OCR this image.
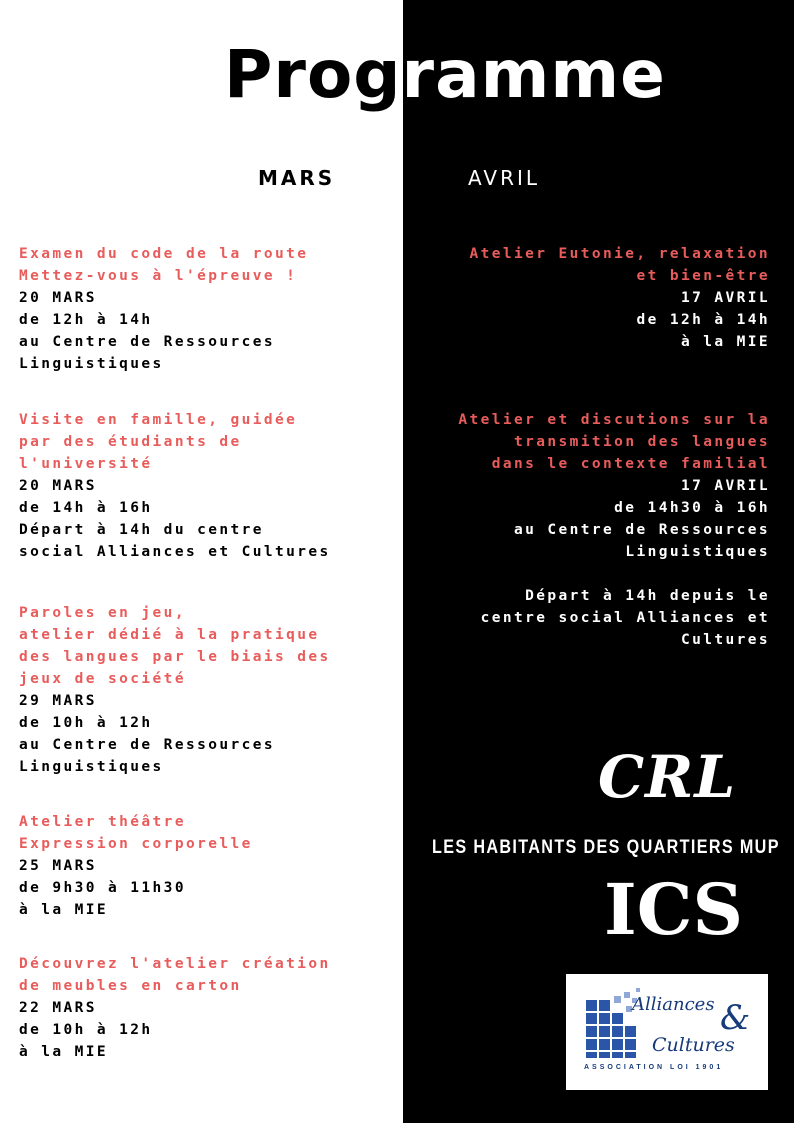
Programme
MARS	AVRIL
Examen du code de la route
Mettez-vous à l'épreuve !
20 MARS
de 12h à 14h
au Centre de Ressources
Linguistiques
Visite en famille, guidée
par des étudiants de
l'université
20 MARS
de 14h à 16h
Départ à 14h du centre
social Alliances et Cultures
Paroles en jeu,
atelier dédié à la pratique
des langues par le biais des
jeux de société
29 MARS
de 10h à 12h
au Centre de Ressources
Linguistiques
Atelier théâtre
Expression corporelle
25 MARS
de 9h30 à 11h30
à la MIE
Découvrez l'atelier création
de meubles en carton
22 MARS
de 10h à 12h
à la MIE
Atelier Eutonie, relaxation
et bien-être
17 AVRIL
de 12h à 14h
à la MIE
Atelier et discutions sur la
transmition des langues
dans le contexte familial
17 AVRIL
de 14h30 à 16h
au Centre de Ressources
Linguistiques
Départ à 14h depuis le
centre social Alliances et
Cultures
CRL
LES HABITANTS DES QUARTIERS MUP
ICS
Alliances &
Cultures
ASSOCIATION LOI 1901
